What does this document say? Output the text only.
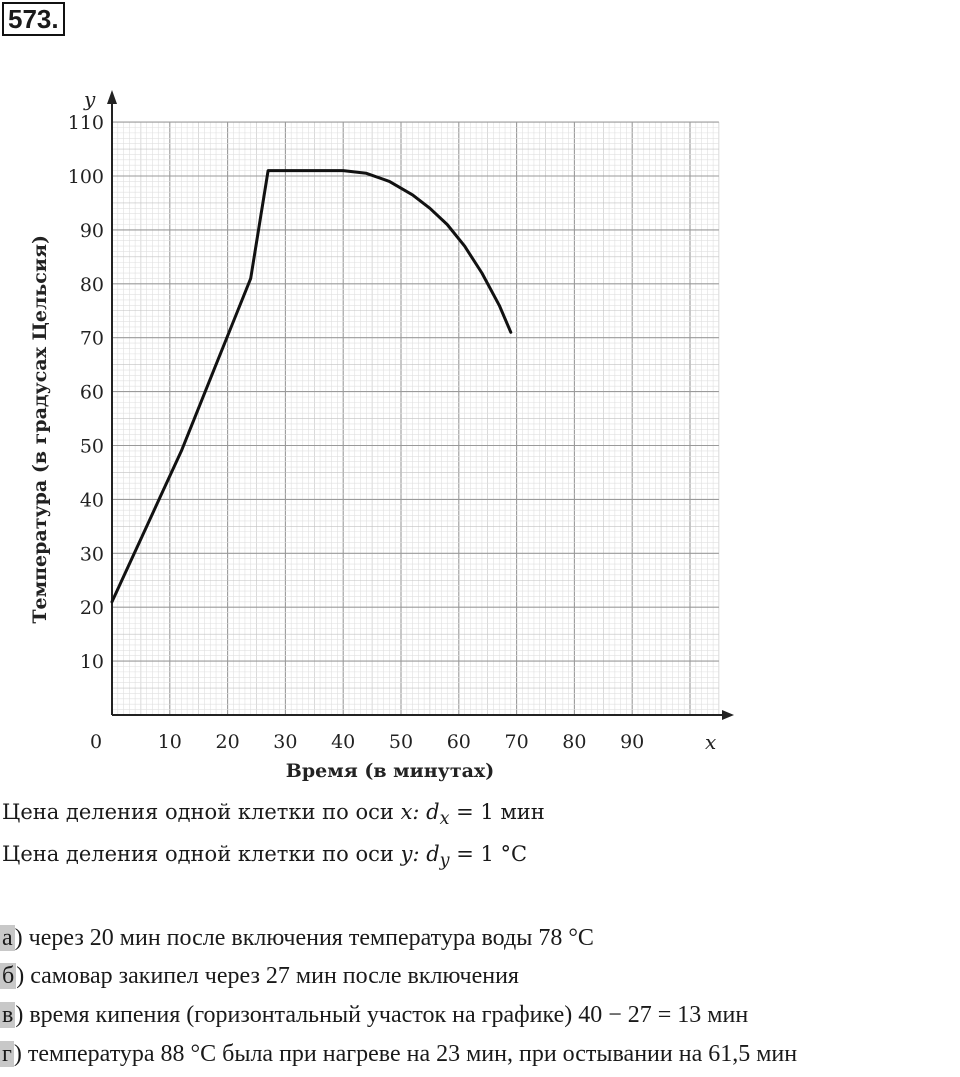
573.
0	10 20 30 40 50 60 70 80 90
10
20
30
40
50
60
70
80
90
100
110
Время (в минутах)
Температура (в градусах Цельсия)
x
y
Цена деления одной клетки по оси x: $d_x = 1$ мин
Цена деления одной клетки по оси y: $d_y = 1$ °C
а) через 20 мин после включения температура воды 78 °C
б) самовар закипел через 27 мин после включения
в) время кипения (горизонтальный участок на графике) 40 − 27 = 13 мин
г) температура 88 °C была при нагреве на 23 мин, при остывании на 61,5 мин
